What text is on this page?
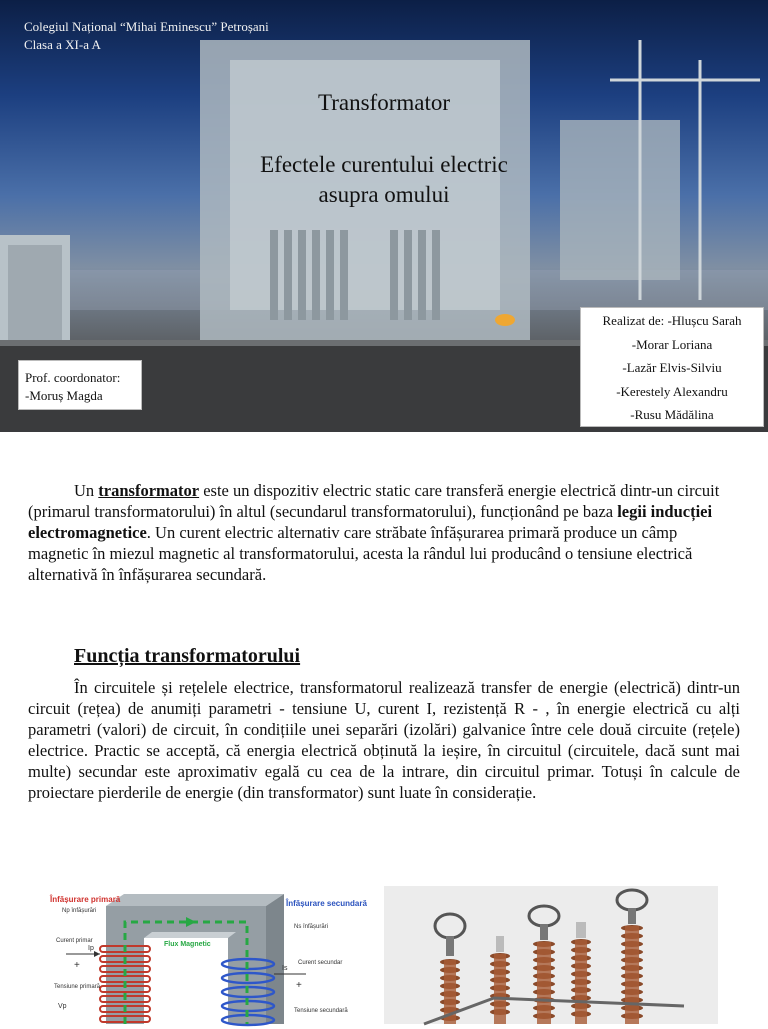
Colegiul Național “Mihai Eminescu” Petroșani
Clasa a XI-a A
Transformator
Efectele curentului electric
asupra omului
Prof. coordonator:
-Moruș Magda
Realizat de: -Hlușcu Sarah
-Morar Loriana
-Lazăr Elvis-Silviu
-Kerestely Alexandru
-Rusu Mădălina
Un transformator este un dispozitiv electric static care transferă energie electrică dintr-un circuit (primarul transformatorului) în altul (secundarul transformatorului), funcționând pe baza legii inducției electromagnetice. Un curent electric alternativ care străbate înfășurarea primară produce un câmp magnetic în miezul magnetic al transformatorului, acesta la rândul lui producând o tensiune electrică alternativă în înfășurarea secundară.
Funcția transformatorului
În circuitele și rețelele electrice, transformatorul realizează transfer de energie (electrică) dintr-un circuit (rețea) de anumiți parametri - tensiune U, curent I, rezistență R - , în energie electrică cu alți parametri (valori) de circuit, în condițiile unei separări (izolări) galvanice între cele două circuite (rețele) electrice. Practic se acceptă, că energia electrică obținută la ieșire, în circuitul (circuitele, dacă sunt mai multe) secundar este aproximativ egală cu cea de la intrare, din circuitul primar. Totuși în calcule de proiectare pierderile de energie (din transformator) sunt luate în considerație.
Înfășurare primară
Np înfășurări
Curent primar
Ip
+
Tensiune primară
Vp
Flux Magnetic
Înfășurare secundară
Ns înfășurări
Curent secundar
Is
+
Tensiune secundară
